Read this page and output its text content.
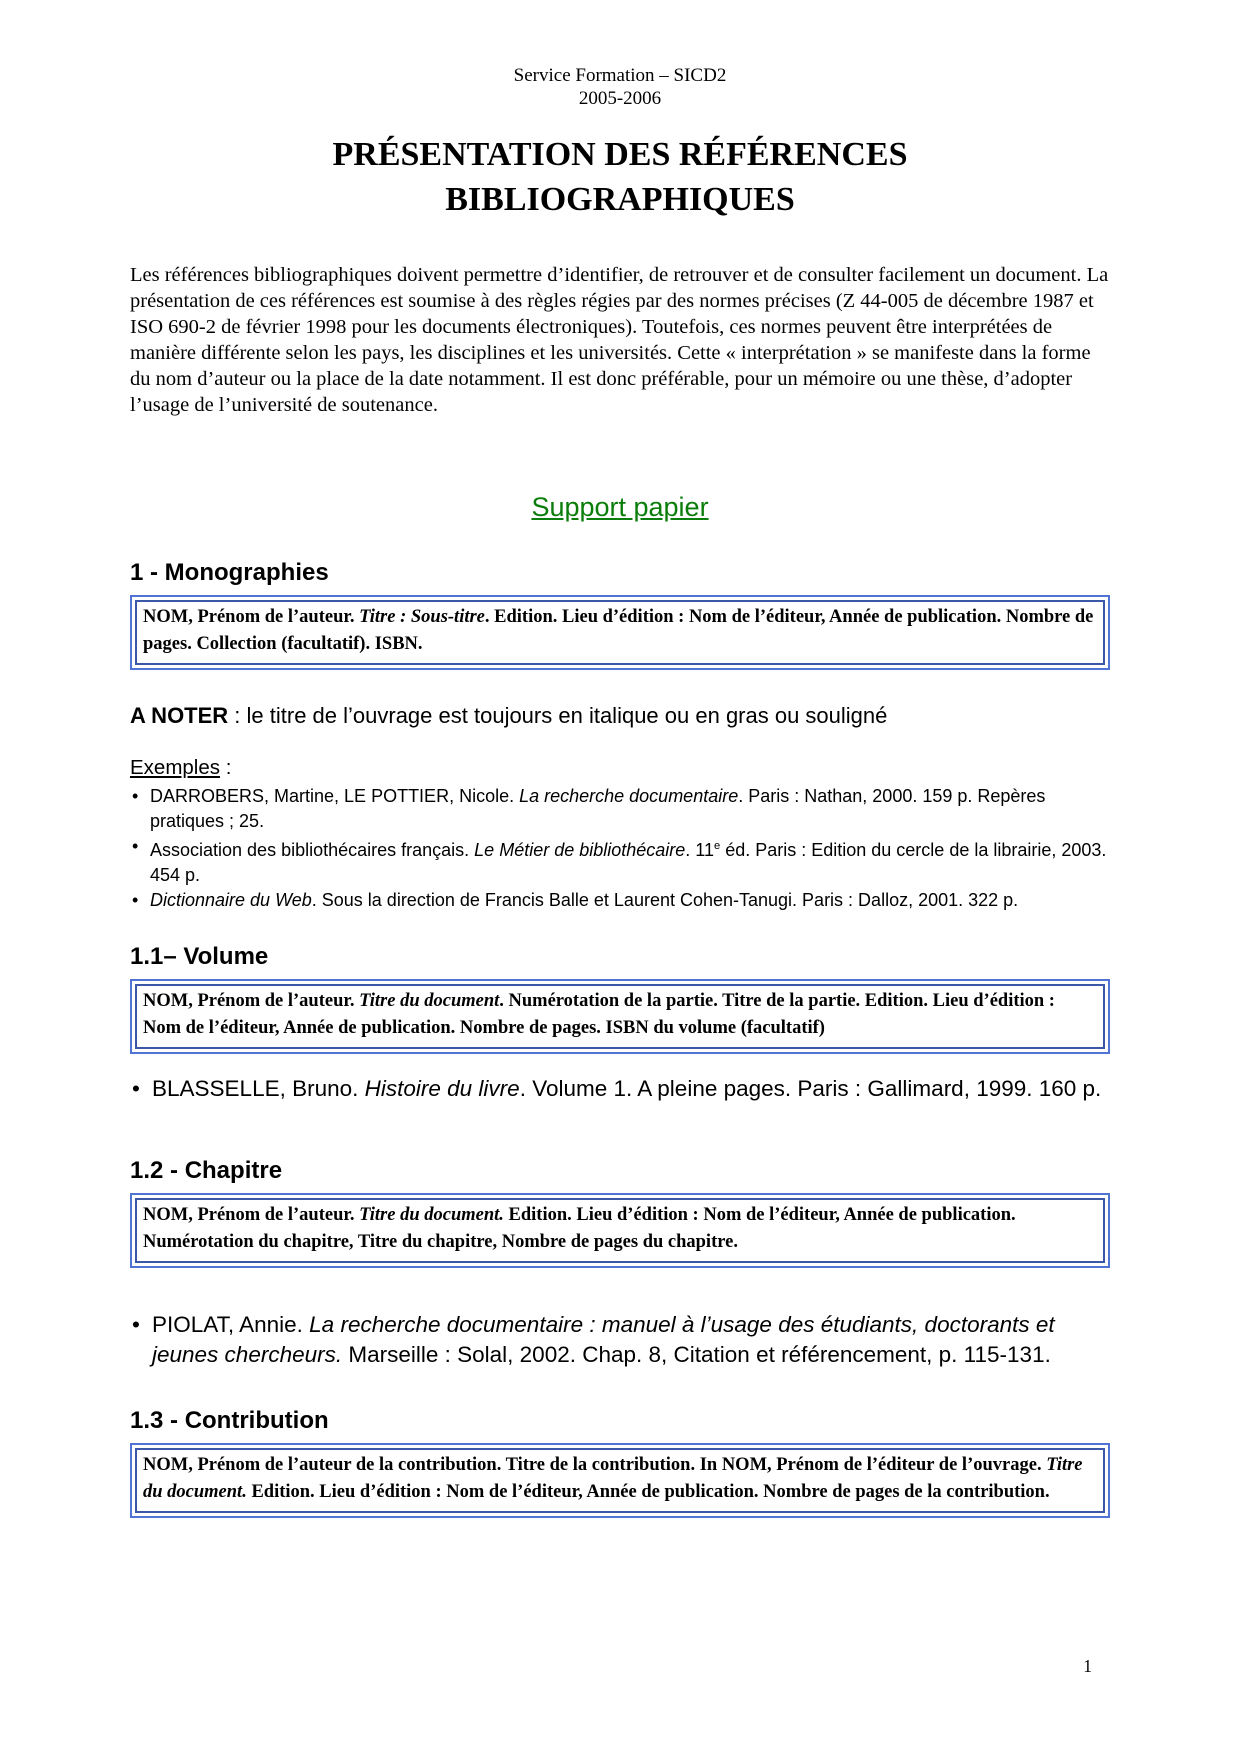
Service Formation – SICD2
2005-2006
PRÉSENTATION DES RÉFÉRENCES
BIBLIOGRAPHIQUES

Les références bibliographiques doivent permettre d’identifier, de retrouver et de consulter facilement un document. La présentation de ces références est soumise à des règles régies par des normes précises (Z 44-005 de décembre 1987 et ISO 690-2 de février 1998 pour les documents électroniques). Toutefois, ces normes peuvent être interprétées de manière différente selon les pays, les disciplines et les universités. Cette « interprétation » se manifeste dans la forme du nom d’auteur ou la place de la date notamment. Il est donc préférable, pour un mémoire ou une thèse, d’adopter l’usage de l’université de soutenance.

Support papier
1 - Monographies
NOM, Prénom de l’auteur. Titre : Sous-titre. Edition. Lieu d’édition : Nom de l’éditeur, Année de publication. Nombre de pages. Collection (facultatif). ISBN.

A NOTER : le titre de l’ouvrage est toujours en italique ou en gras ou souligné

Exemples :

• DARROBERS, Martine, LE POTTIER, Nicole. La recherche documentaire. Paris : Nathan, 2000. 159 p. Repères pratiques ; 25.
• Association des bibliothécaires français. Le Métier de bibliothécaire. 11e éd. Paris : Edition du cercle de la librairie, 2003. 454 p.
• Dictionnaire du Web. Sous la direction de Francis Balle et Laurent Cohen-Tanugi. Paris : Dalloz, 2001. 322 p.
1.1– Volume
NOM, Prénom de l’auteur. Titre du document. Numérotation de la partie. Titre de la partie. Edition. Lieu d’édition : Nom de l’éditeur, Année de publication. Nombre de pages. ISBN du volume (facultatif)
• BLASSELLE, Bruno. Histoire du livre. Volume 1. A pleine pages. Paris : Gallimard, 1999. 160 p.
1.2 - Chapitre
NOM, Prénom de l’auteur. Titre du document. Edition. Lieu d’édition : Nom de l’éditeur, Année de publication. Numérotation du chapitre, Titre du chapitre, Nombre de pages du chapitre.
• PIOLAT, Annie. La recherche documentaire : manuel à l’usage des étudiants, doctorants et jeunes chercheurs. Marseille : Solal, 2002. Chap. 8, Citation et référencement, p. 115-131.
1.3 - Contribution
NOM, Prénom de l’auteur de la contribution. Titre de la contribution. In NOM, Prénom de l’éditeur de l’ouvrage. Titre du document. Edition. Lieu d’édition : Nom de l’éditeur, Année de publication. Nombre de pages de la contribution.
1
